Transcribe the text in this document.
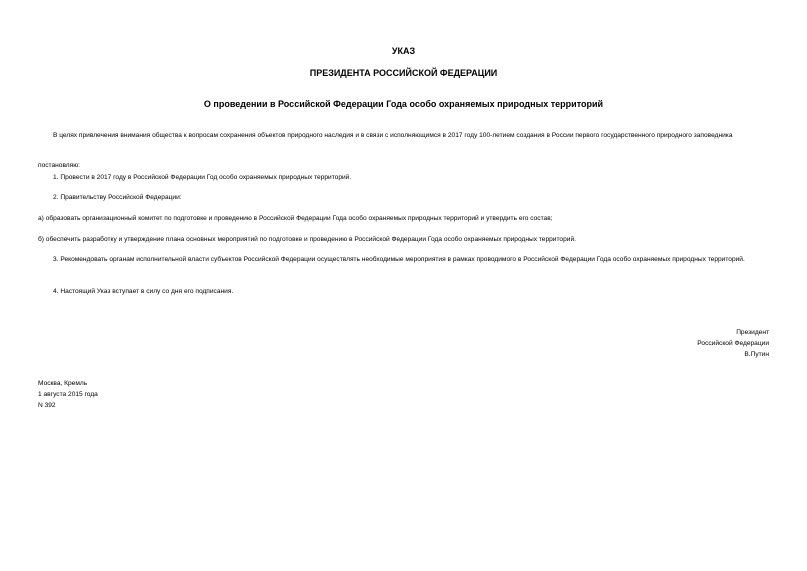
УКАЗ
ПРЕЗИДЕНТА РОССИЙСКОЙ ФЕДЕРАЦИИ
О проведении в Российской Федерации Года особо охраняемых природных территорий
В целях привлечения внимания общества к вопросам сохранения объектов природного наследия и в связи с исполняющимся в 2017 году 100-летием создания в России первого государственного природного заповедника
постановляю:
1. Провести в 2017 году в Российской Федерации Год особо охраняемых природных территорий.
2. Правительству Российской Федерации:
а) образовать организационный комитет по подготовке и проведению в Российской Федерации Года особо охраняемых природных территорий и утвердить его состав;
б) обеспечить разработку и утверждение плана основных мероприятий по подготовке и проведению в Российской Федерации Года особо охраняемых природных территорий.
3. Рекомендовать органам исполнительной власти субъектов Российской Федерации осуществлять необходимые мероприятия в рамках проводимого в Российской Федерации Года особо охраняемых природных территорий.
4. Настоящий Указ вступает в силу со дня его подписания.
Президент
Российской Федерации
В.Путин
Москва, Кремль
1 августа 2015 года
N 392
